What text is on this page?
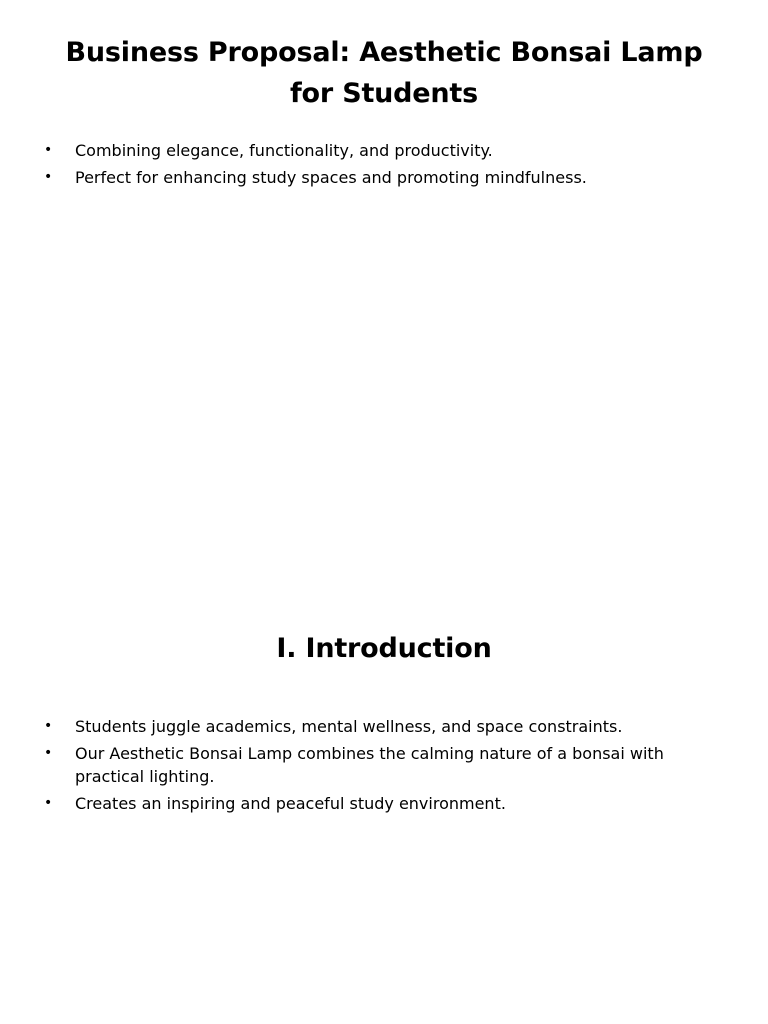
Business Proposal: Aesthetic Bonsai Lamp for Students
• Combining elegance, functionality, and productivity.
• Perfect for enhancing study spaces and promoting mindfulness.
I. Introduction
• Students juggle academics, mental wellness, and space constraints.
• Our Aesthetic Bonsai Lamp combines the calming nature of a bonsai with practical lighting.
• Creates an inspiring and peaceful study environment.
